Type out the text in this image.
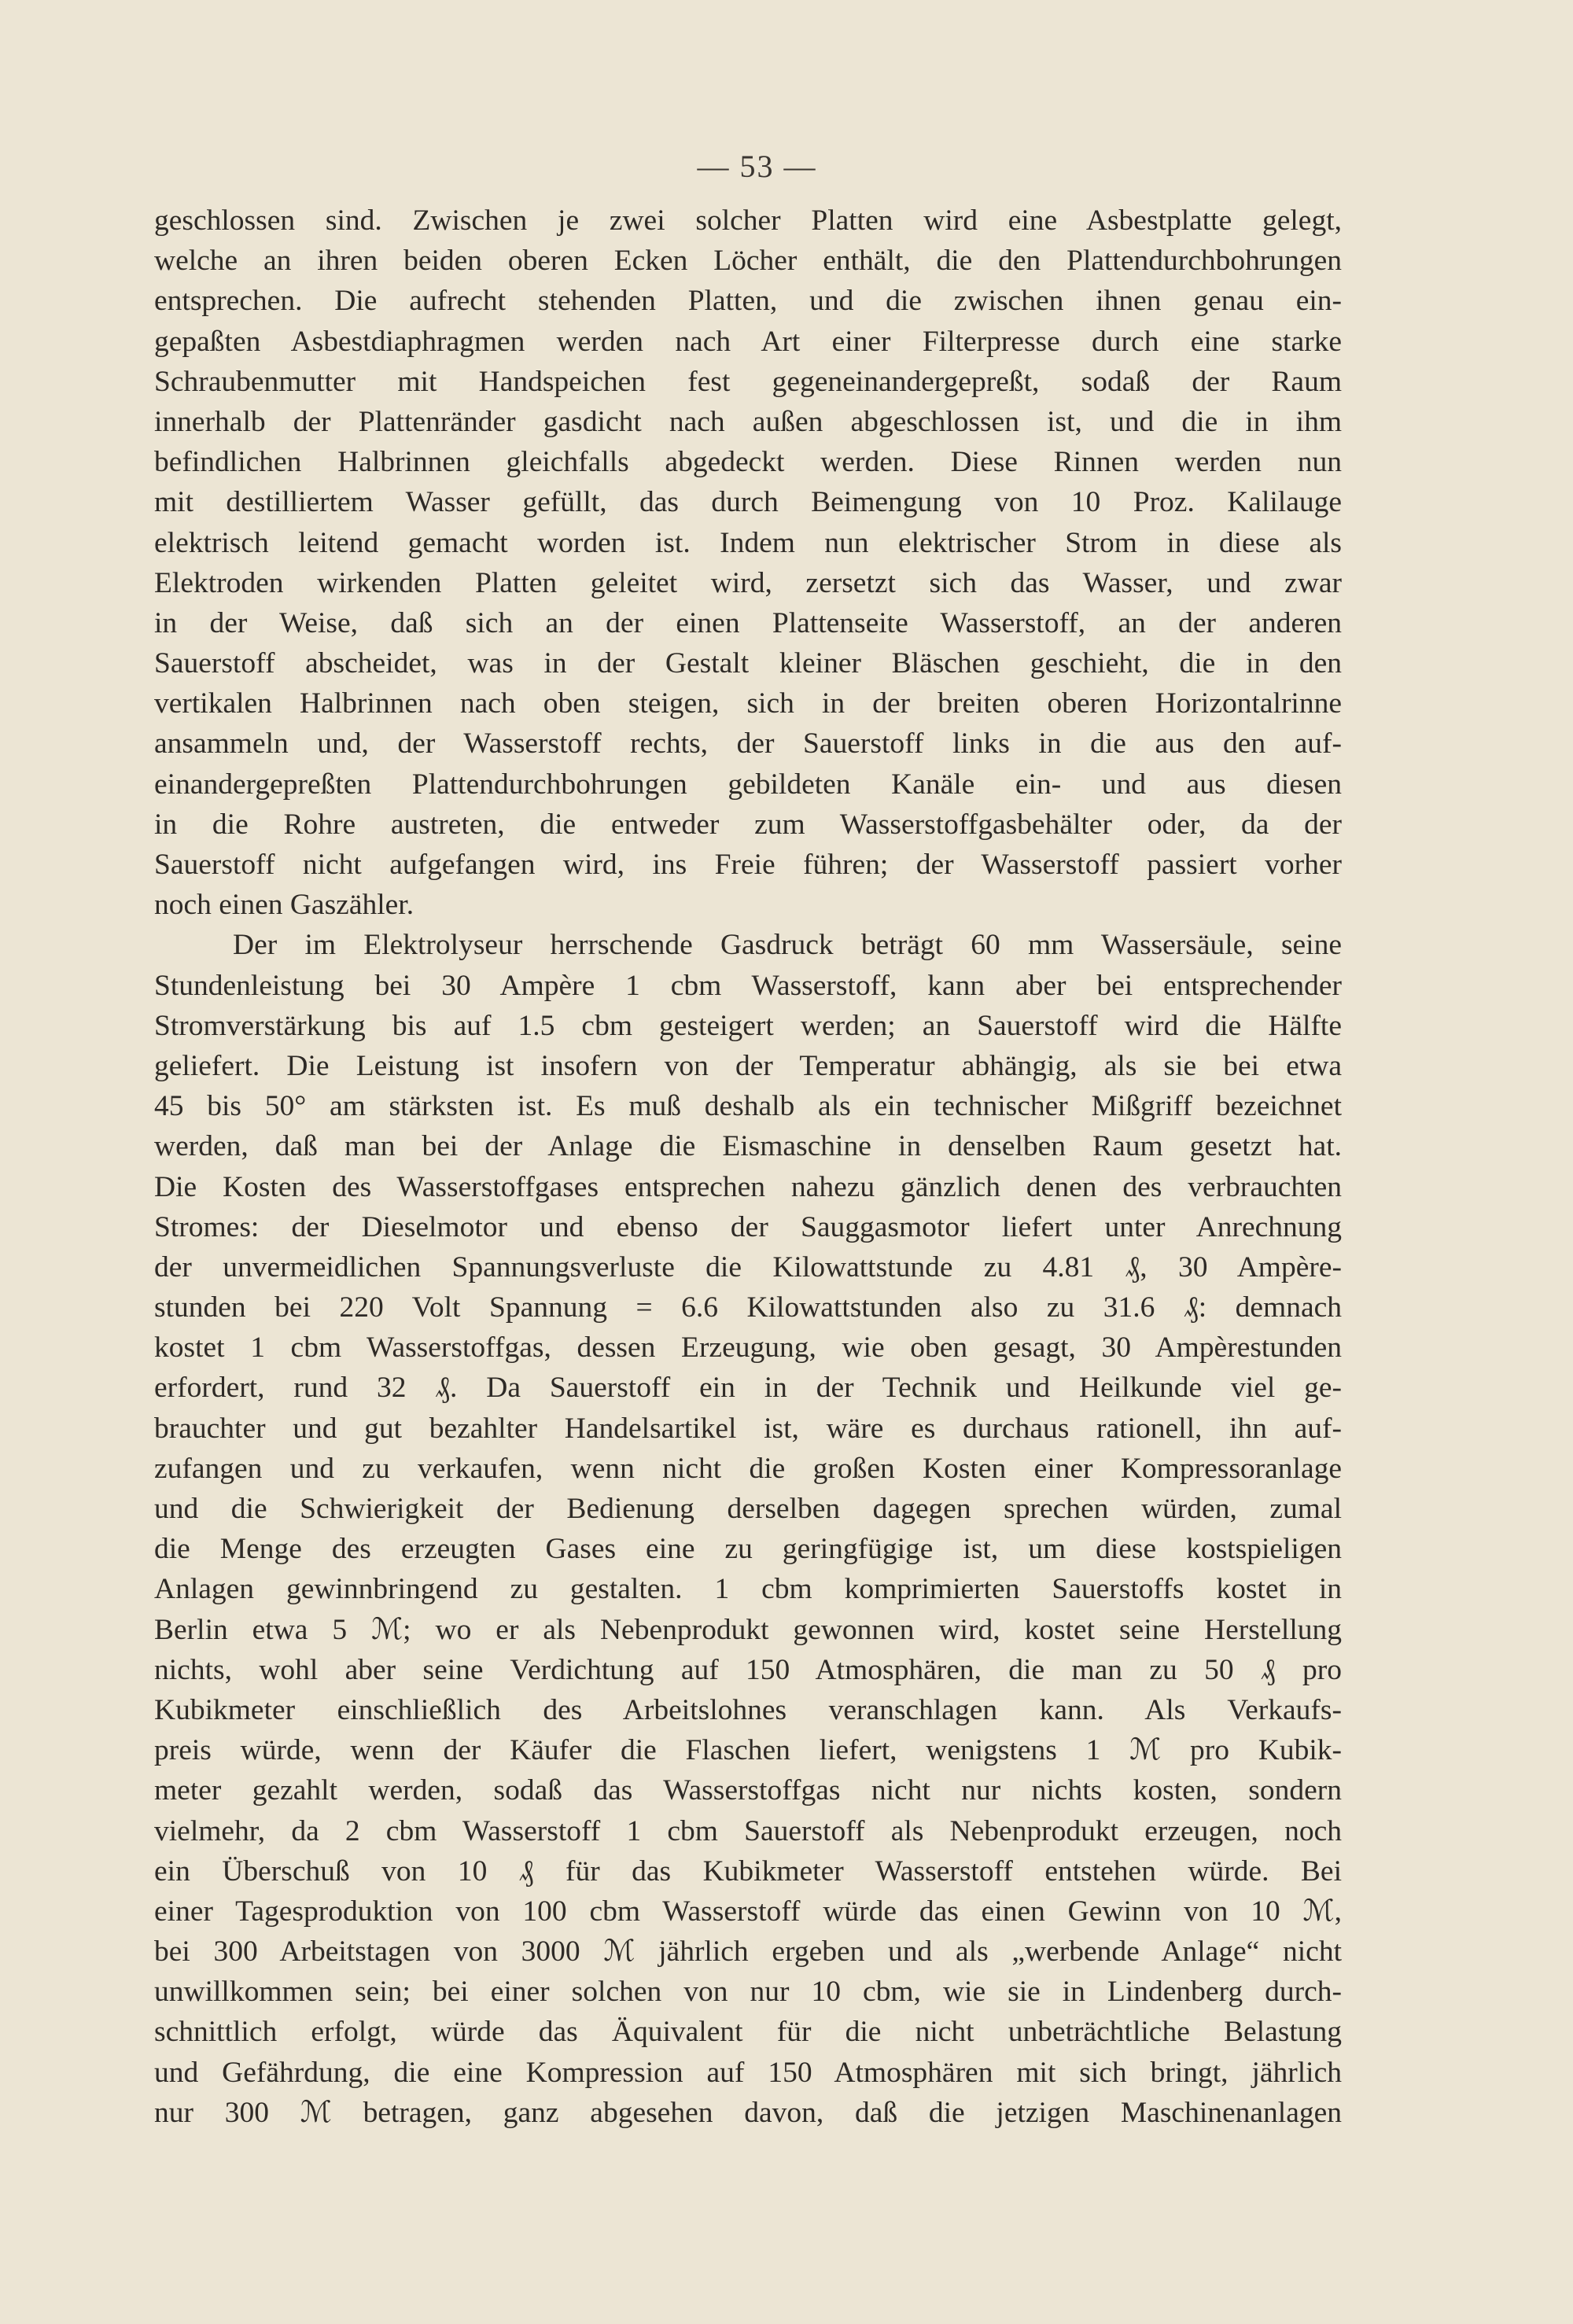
— 53 —
geschlossen sind. Zwischen je zwei solcher Platten wird eine Asbestplatte gelegt,
welche an ihren beiden oberen Ecken Löcher enthält, die den Plattendurchbohrungen
entsprechen. Die aufrecht stehenden Platten, und die zwischen ihnen genau ein-
gepaßten Asbestdiaphragmen werden nach Art einer Filterpresse durch eine starke
Schraubenmutter mit Handspeichen fest gegeneinandergepreßt, sodaß der Raum
innerhalb der Plattenränder gasdicht nach außen abgeschlossen ist, und die in ihm
befindlichen Halbrinnen gleichfalls abgedeckt werden. Diese Rinnen werden nun
mit destilliertem Wasser gefüllt, das durch Beimengung von 10 Proz. Kalilauge
elektrisch leitend gemacht worden ist. Indem nun elektrischer Strom in diese als
Elektroden wirkenden Platten geleitet wird, zersetzt sich das Wasser, und zwar
in der Weise, daß sich an der einen Plattenseite Wasserstoff, an der anderen
Sauerstoff abscheidet, was in der Gestalt kleiner Bläschen geschieht, die in den
vertikalen Halbrinnen nach oben steigen, sich in der breiten oberen Horizontalrinne
ansammeln und, der Wasserstoff rechts, der Sauerstoff links in die aus den auf-
einandergepreßten Plattendurchbohrungen gebildeten Kanäle ein- und aus diesen
in die Rohre austreten, die entweder zum Wasserstoffgasbehälter oder, da der
Sauerstoff nicht aufgefangen wird, ins Freie führen; der Wasserstoff passiert vorher
noch einen Gaszähler.
Der im Elektrolyseur herrschende Gasdruck beträgt 60 mm Wassersäule, seine
Stundenleistung bei 30 Ampère 1 cbm Wasserstoff, kann aber bei entsprechender
Stromverstärkung bis auf 1.5 cbm gesteigert werden; an Sauerstoff wird die Hälfte
geliefert. Die Leistung ist insofern von der Temperatur abhängig, als sie bei etwa
45 bis 50° am stärksten ist. Es muß deshalb als ein technischer Mißgriff bezeichnet
werden, daß man bei der Anlage die Eismaschine in denselben Raum gesetzt hat.
Die Kosten des Wasserstoffgases entsprechen nahezu gänzlich denen des verbrauchten
Stromes: der Dieselmotor und ebenso der Sauggasmotor liefert unter Anrechnung
der unvermeidlichen Spannungsverluste die Kilowattstunde zu 4.81 ₰, 30 Ampère-
stunden bei 220 Volt Spannung = 6.6 Kilowattstunden also zu 31.6 ₰: demnach
kostet 1 cbm Wasserstoffgas, dessen Erzeugung, wie oben gesagt, 30 Ampèrestunden
erfordert, rund 32 ₰. Da Sauerstoff ein in der Technik und Heilkunde viel ge-
brauchter und gut bezahlter Handelsartikel ist, wäre es durchaus rationell, ihn auf-
zufangen und zu verkaufen, wenn nicht die großen Kosten einer Kompressoranlage
und die Schwierigkeit der Bedienung derselben dagegen sprechen würden, zumal
die Menge des erzeugten Gases eine zu geringfügige ist, um diese kostspieligen
Anlagen gewinnbringend zu gestalten. 1 cbm komprimierten Sauerstoffs kostet in
Berlin etwa 5 ℳ; wo er als Nebenprodukt gewonnen wird, kostet seine Herstellung
nichts, wohl aber seine Verdichtung auf 150 Atmosphären, die man zu 50 ₰ pro
Kubikmeter einschließlich des Arbeitslohnes veranschlagen kann. Als Verkaufs-
preis würde, wenn der Käufer die Flaschen liefert, wenigstens 1 ℳ pro Kubik-
meter gezahlt werden, sodaß das Wasserstoffgas nicht nur nichts kosten, sondern
vielmehr, da 2 cbm Wasserstoff 1 cbm Sauerstoff als Nebenprodukt erzeugen, noch
ein Überschuß von 10 ₰ für das Kubikmeter Wasserstoff entstehen würde. Bei
einer Tagesproduktion von 100 cbm Wasserstoff würde das einen Gewinn von 10 ℳ,
bei 300 Arbeitstagen von 3000 ℳ jährlich ergeben und als „werbende Anlage“ nicht
unwillkommen sein; bei einer solchen von nur 10 cbm, wie sie in Lindenberg durch-
schnittlich erfolgt, würde das Äquivalent für die nicht unbeträchtliche Belastung
und Gefährdung, die eine Kompression auf 150 Atmosphären mit sich bringt, jährlich
nur 300 ℳ betragen, ganz abgesehen davon, daß die jetzigen Maschinenanlagen
